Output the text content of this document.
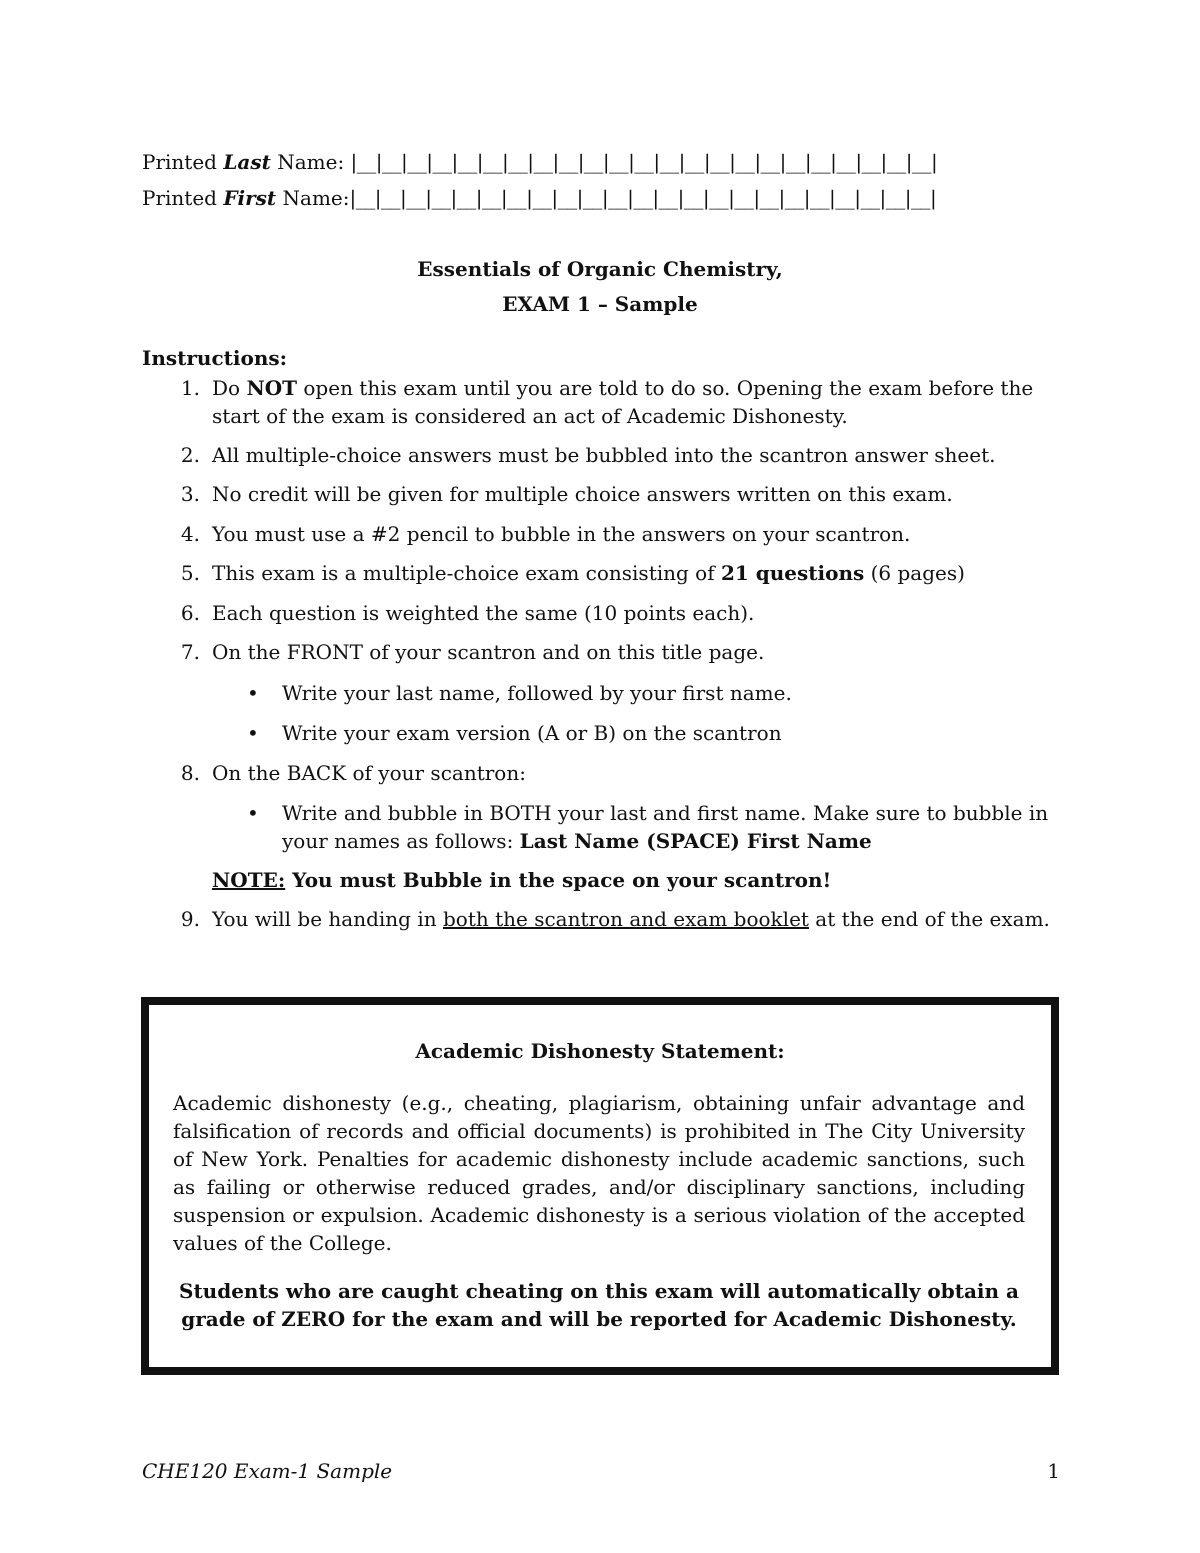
Printed Last Name: |__|__|__|__|__|__|__|__|__|__|__|__|__|__|__|__|__|__|__|__|__|__|__|
Printed First Name:|__|__|__|__|__|__|__|__|__|__|__|__|__|__|__|__|__|__|__|__|__|__|__|
Essentials of Organic Chemistry,
EXAM 1 – Sample
Instructions:
1. Do NOT open this exam until you are told to do so. Opening the exam before the start of the exam is considered an act of Academic Dishonesty.
2. All multiple-choice answers must be bubbled into the scantron answer sheet.
3. No credit will be given for multiple choice answers written on this exam.
4. You must use a #2 pencil to bubble in the answers on your scantron.
5. This exam is a multiple-choice exam consisting of 21 questions (6 pages)
6. Each question is weighted the same (10 points each).
7. On the FRONT of your scantron and on this title page.
• Write your last name, followed by your first name.
• Write your exam version (A or B) on the scantron
8. On the BACK of your scantron:
• Write and bubble in BOTH your last and first name. Make sure to bubble in your names as follows: Last Name (SPACE) First Name
NOTE: You must Bubble in the space on your scantron!
9. You will be handing in both the scantron and exam booklet at the end of the exam.
Academic Dishonesty Statement:

Academic dishonesty (e.g., cheating, plagiarism, obtaining unfair advantage and falsification of records and official documents) is prohibited in The City University of New York. Penalties for academic dishonesty include academic sanctions, such as failing or otherwise reduced grades, and/or disciplinary sanctions, including suspension or expulsion. Academic dishonesty is a serious violation of the accepted values of the College.

Students who are caught cheating on this exam will automatically obtain a grade of ZERO for the exam and will be reported for Academic Dishonesty.

CHE120 Exam-1 Sample	1
